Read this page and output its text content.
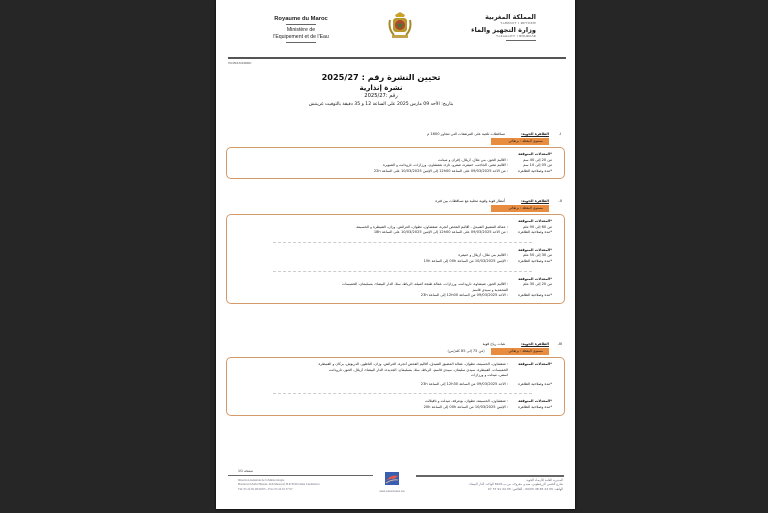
Royaume du Maroc
Ministère de
l'Equipement et de l'Eau
المملكة المغربية
ⵜⴰⴳⵍⴷⵉⵜ ⵏ ⵍⵎⵖⵔⵉⴱ
وزارة التجهيز والماء
ⵜⴰⵎⴰⵡⴰⵙⵜ ⵏ ⵓⵙⵡⵓⴷⴷⵓ
WONXXXMMC
تحيين النشرة رقم : 2025/27
نشرة إنذارية
رقم :2025/27
بتاريخ: الأحد 09 مارس 2025 على الساعة 12 و 35 دقيقة بالتوقيت غرينتش
I-
الظاهرة الجوية:
تساقطات ثلجية على المرتفعات التي تتجاوز 1600 م
مستوى اليقظة : برتقالي
*المعدلات المتوقعة
من 20 إلى 40 سم
: أقاليم الحوز، بني ملال، أزيلال، إفران و ميدلت
من 05 إلى 10 سم
: أقاليم تنغير، الحاجب، خنيفرة، صفرو، تازة، شفشاون، ورزازات، تارودانت و الصويرة
*مدة وصلاحية الظاهرة
: من الأحد 09/03/2025 على الساعة 12h00 إلى الإثنين 10/03/2025 على الساعة 22h
II-
الظاهرة الجوية:
أمطار قوية وقوية محلية مع تساقطات بين فترة
مستوى اليقظة : برتقالي
*المعدلات المتوقعة
من 60 إلى 90 ملم
: عمالة المضيق الفنيدق - أقاليم الفحص أنجرة، شفشاون، تطوان، العرائش، وزان، القنيطرة و الحسيمة
*مدة وصلاحية الظاهرة
: من الأحد 09/03/2025 على الساعة 12h00 إلى الإثنين 10/03/2025 على الساعة 18h
*المعدلات المتوقعة
من 30 إلى 50 ملم
: أقاليم بني ملال، أزيلال و خنيفرة
*مدة وصلاحية الظاهرة
: الإثنين 10/03/2025 من الساعة 00h إلى الساعة 15h
*المعدلات المتوقعة
من 20 إلى 30 ملم
: أقاليم الحوز، شيشاوة، تارودانت، ورزازات، عمالة طنجة أصيلة، الرباط، سلا، الدار البيضاء، بنسليمان، الخميسات
المحمدية و سيدي قاسم
*مدة وصلاحية الظاهرة
: الأحد 09/03/2025 من الساعة 12h00 إلى الساعة 23h
III-
الظاهرة الجوية:
هبات رياح قوية
مستوى اليقظة : برتقالي
(من 75 إلى 85 كلم/س)
*المعدلات المتوقعة
: شفشاون، الحسيمة، تطوان، عمالة المضيق الفنيدق، أقاليم الفحص أنجرة، العرائش، وزان، الناظور، الدريوش، بركان و القنيطرة
الخميسات، القنيطرة، سيدي سليمان، سيدي قاسم، الرباط، سلا، بنسليمان، الجديدة، الدار البيضاء، أزيلال، الحوز، تارودانت
آسفي، ميدلت و ورزازات
*مدة وصلاحية الظاهرة
: الأحد 09/03/2025 من الساعة 12h30 إلى الساعة 23h
*المعدلات المتوقعة
: شفشاون، الحسيمة، تطوان، بوعرفة، ميدلت و تافيلالت
*مدة وصلاحية الظاهرة
: الإثنين 10/03/2025 من الساعة 00h إلى الساعة 20h
صفحة 1/1
Direction Générale de la Météorologie
Boulevard Zerkt Hassan, Sidi Maarouf, B.P. 8106 Oasis Casablanca
Tél: 05 22 65 48 00/05 – Fax: 05 22 91 37 97
www.marocmeteo.ma
المديرية العامة للأرصاد الجوية
شارع الحسن الزرقطوني، سيدي معروف، ص.ب 8106 الواحة، الدار البيضاء
الهاتف: 05 22 65 48 00/05 - الفاكس: 05 22 91 37 97
